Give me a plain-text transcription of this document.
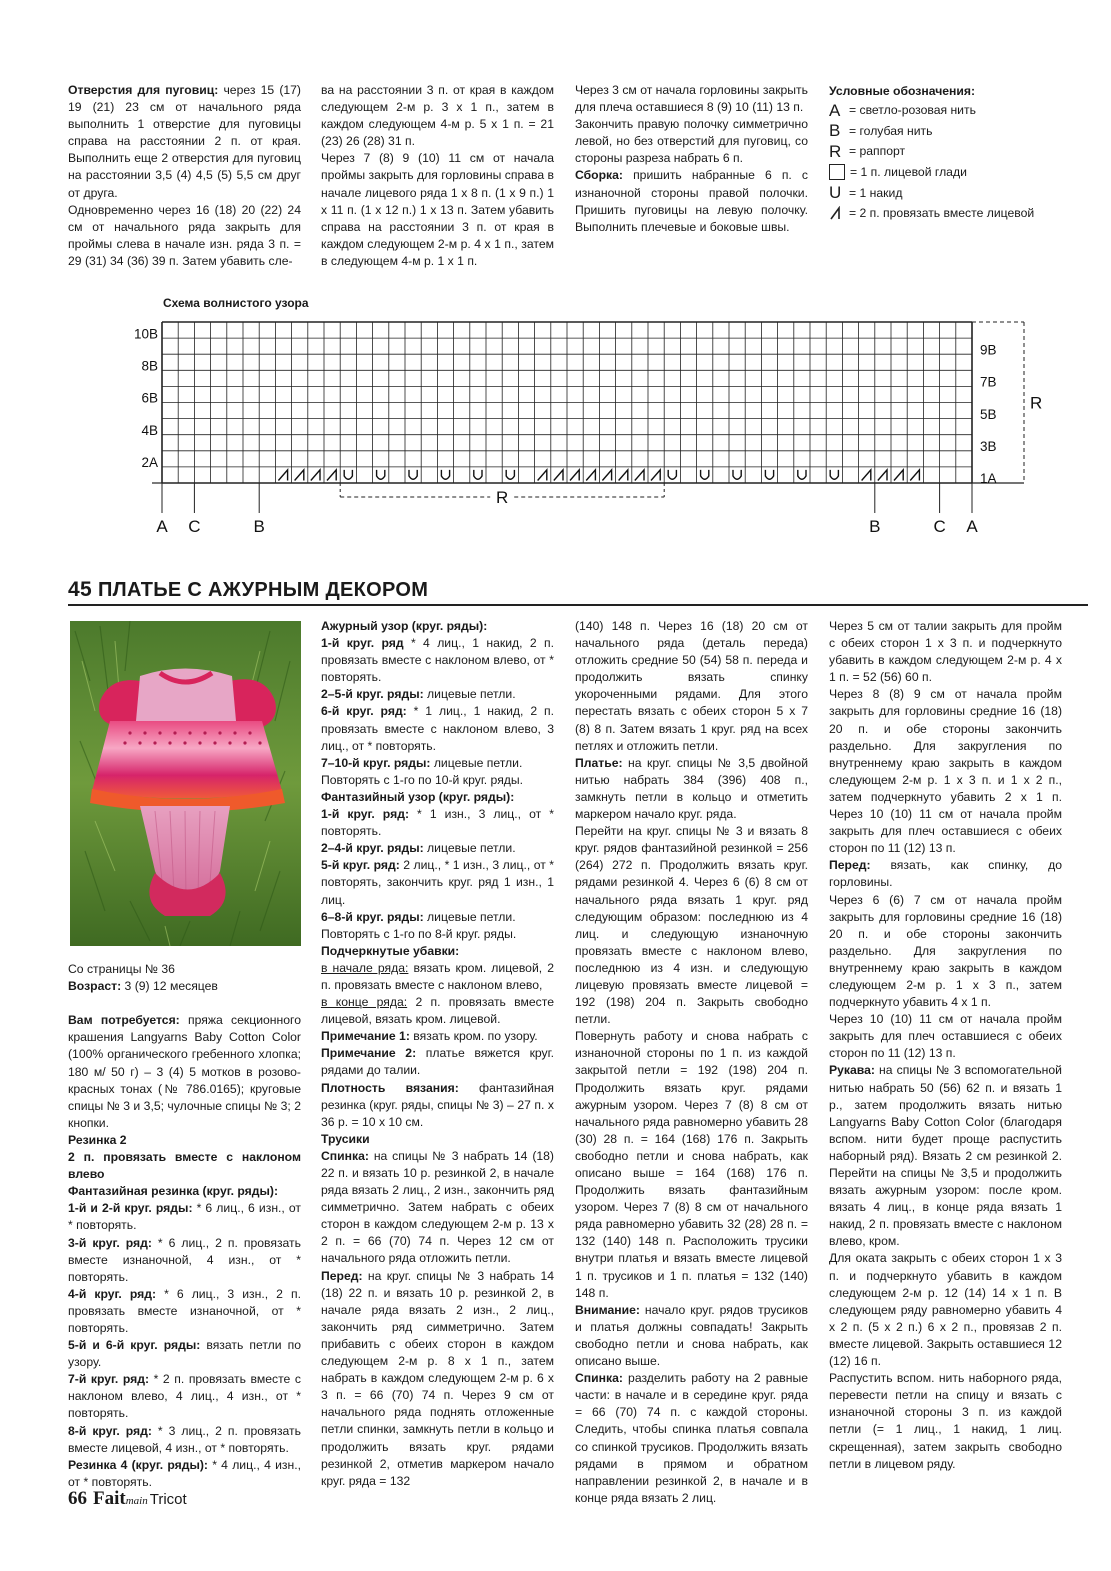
Отверстия для пуговиц: через 15 (17) 19 (21) 23 см от начального ряда выполнить 1 отверстие для пуговицы справа на расстоянии 2 п. от края. Выполнить еще 2 отверстия для пуговиц на расстоянии 3,5 (4) 4,5 (5) 5,5 см друг от друга.

Одновременно через 16 (18) 20 (22) 24 см от начального ряда закрыть для проймы слева в начале изн. ряда 3 п. = 29 (31) 34 (36) 39 п. Затем убавить сле-

ва на расстоянии 3 п. от края в каждом следующем 2-м р. 3 х 1 п., затем в каждом следующем 4-м р. 5 х 1 п. = 21 (23) 26 (28) 31 п.

Через 7 (8) 9 (10) 11 см от начала проймы закрыть для горловины справа в начале лицевого ряда 1 х 8 п. (1 х 9 п.) 1 х 11 п. (1 х 12 п.) 1 х 13 п. Затем убавить справа на расстоянии 3 п. от края в каждом следующем 2-м р. 4 х 1 п., затем в следующем 4-м р. 1 х 1 п.

Через 3 см от начала горловины закрыть для плеча оставшиеся 8 (9) 10 (11) 13 п.

Закончить правую полочку симметрично левой, но без отверстий для пуговиц, со стороны разреза набрать 6 п.

Сборка: пришить набранные 6 п. с изнаночной стороны правой полочки. Пришить пуговицы на левую полочку. Выполнить плечевые и боковые швы.

Условные обозначения:
A = светло-розовая нить
B = голубая нить
R = раппорт
= 1 п. лицевой глади
U = 1 накид
= 2 п. провязать вместе лицевой
Схема волнистого узора
10B
8B
6B
4B
2A
9B
7B
5B
3B
1A
R
A C	B	B	C A
R
45 ПЛАТЬЕ С АЖУРНЫМ ДЕКОРОМ

Со страницы № 36

Возраст: 3 (9) 12 месяцев

Вам потребуется: пряжа секционного крашения Langyarns Baby Cotton Color (100% органического гребенного хлопка; 180 м/ 50 г) – 3 (4) 5 мотков в розово-красных тонах (№ 786.0165); круговые спицы № 3 и 3,5; чулочные спицы № 3; 2 кнопки.

Резинка 2

2 п. провязать вместе с наклоном влево

Фантазийная резинка (круг. ряды):

1-й и 2-й круг. ряды: * 6 лиц., 6 изн., от * повторять.

3-й круг. ряд: * 6 лиц., 2 п. провязать вместе изнаночной, 4 изн., от * повторять.

4-й круг. ряд: * 6 лиц., 3 изн., 2 п. провязать вместе изнаночной, от * повторять.

5-й и 6-й круг. ряды: вязать петли по узору.

7-й круг. ряд: * 2 п. провязать вместе с наклоном влево, 4 лиц., 4 изн., от * повторять.

8-й круг. ряд: * 3 лиц., 2 п. провязать вместе лицевой, 4 изн., от * повторять.

Резинка 4 (круг. ряды): * 4 лиц., 4 изн., от * повторять.

Ажурный узор (круг. ряды):

1-й круг. ряд * 4 лиц., 1 накид, 2 п. провязать вместе с наклоном влево, от * повторять.

2–5-й круг. ряды: лицевые петли.

6-й круг. ряд: * 1 лиц., 1 накид, 2 п. провязать вместе с наклоном влево, 3 лиц., от * повторять.

7–10-й круг. ряды: лицевые петли.

Повторять с 1-го по 10-й круг. ряды.

Фантазийный узор (круг. ряды):

1-й круг. ряд: * 1 изн., 3 лиц., от * повторять.

2–4-й круг. ряды: лицевые петли.

5-й круг. ряд: 2 лиц., * 1 изн., 3 лиц., от * повторять, закончить круг. ряд 1 изн., 1 лиц.

6–8-й круг. ряды: лицевые петли.

Повторять с 1-го по 8-й круг. ряды.

Подчеркнутые убавки:

в начале ряда: вязать кром. лицевой, 2 п. провязать вместе с наклоном влево,

в конце ряда: 2 п. провязать вместе лицевой, вязать кром. лицевой.

Примечание 1: вязать кром. по узору.

Примечание 2: платье вяжется круг. рядами до талии.

Плотность вязания: фантазийная резинка (круг. ряды, спицы № 3) – 27 п. х 36 р. = 10 х 10 см.

Трусики

Спинка: на спицы № 3 набрать 14 (18) 22 п. и вязать 10 р. резинкой 2, в начале ряда вязать 2 лиц., 2 изн., закончить ряд симметрично. Затем набрать с обеих сторон в каждом следующем 2-м р. 13 х 2 п. = 66 (70) 74 п. Через 12 см от начального ряда отложить петли.

Перед: на круг. спицы № 3 набрать 14 (18) 22 п. и вязать 10 р. резинкой 2, в начале ряда вязать 2 изн., 2 лиц., закончить ряд симметрично. Затем прибавить с обеих сторон в каждом следующем 2-м р. 8 х 1 п., затем набрать в каждом следующем 2-м р. 6 х 3 п. = 66 (70) 74 п. Через 9 см от начального ряда поднять отложенные петли спинки, замкнуть петли в кольцо и продолжить вязать круг. рядами резинкой 2, отметив маркером начало круг. ряда = 132

(140) 148 п. Через 16 (18) 20 см от начального ряда (деталь переда) отложить средние 50 (54) 58 п. переда и продолжить вязать спинку укороченными рядами. Для этого перестать вязать с обеих сторон 5 х 7 (8) 8 п. Затем вязать 1 круг. ряд на всех петлях и отложить петли.

Платье: на круг. спицы № 3,5 двойной нитью набрать 384 (396) 408 п., замкнуть петли в кольцо и отметить маркером начало круг. ряда.

Перейти на круг. спицы № 3 и вязать 8 круг. рядов фантазийной резинкой = 256 (264) 272 п. Продолжить вязать круг. рядами резинкой 4. Через 6 (6) 8 см от начального ряда вязать 1 круг. ряд следующим образом: последнюю из 4 лиц. и следующую изнаночную провязать вместе с наклоном влево, последнюю из 4 изн. и следующую лицевую провязать вместе лицевой = 192 (198) 204 п. Закрыть свободно петли.

Повернуть работу и снова набрать с изнаночной стороны по 1 п. из каждой закрытой петли = 192 (198) 204 п. Продолжить вязать круг. рядами ажурным узором. Через 7 (8) 8 см от начального ряда равномерно убавить 28 (30) 28 п. = 164 (168) 176 п. Закрыть свободно петли и снова набрать, как описано выше = 164 (168) 176 п. Продолжить вязать фантазийным узором. Через 7 (8) 8 см от начального ряда равномерно убавить 32 (28) 28 п. = 132 (140) 148 п. Расположить трусики внутри платья и вязать вместе лицевой 1 п. трусиков и 1 п. платья = 132 (140) 148 п.

Внимание: начало круг. рядов трусиков и платья должны совпадать! Закрыть свободно петли и снова набрать, как описано выше.

Спинка: разделить работу на 2 равные части: в начале и в середине круг. ряда = 66 (70) 74 п. с каждой стороны. Следить, чтобы спинка платья совпала со спинкой трусиков. Продолжить вязать рядами в прямом и обратном направлении резинкой 2, в начале и в конце ряда вязать 2 лиц.

Через 5 см от талии закрыть для пройм с обеих сторон 1 х 3 п. и подчеркнуто убавить в каждом следующем 2-м р. 4 х 1 п. = 52 (56) 60 п.

Через 8 (8) 9 см от начала пройм закрыть для горловины средние 16 (18) 20 п. и обе стороны закончить раздельно. Для закругления по внутреннему краю закрыть в каждом следующем 2-м р. 1 х 3 п. и 1 х 2 п., затем подчеркнуто убавить 2 х 1 п. Через 10 (10) 11 см от начала пройм закрыть для плеч оставшиеся с обеих сторон по 11 (12) 13 п.

Перед: вязать, как спинку, до горловины.

Через 6 (6) 7 см от начала пройм закрыть для горловины средние 16 (18) 20 п. и обе стороны закончить раздельно. Для закругления по внутреннему краю закрыть в каждом следующем 2-м р. 1 х 3 п., затем подчеркнуто убавить 4 х 1 п.

Через 10 (10) 11 см от начала пройм закрыть для плеч оставшиеся с обеих сторон по 11 (12) 13 п.

Рукава: на спицы № 3 вспомогательной нитью набрать 50 (56) 62 п. и вязать 1 р., затем продолжить вязать нитью Langyarns Baby Cotton Color (благодаря вспом. нити будет проще распустить наборный ряд). Вязать 2 см резинкой 2. Перейти на спицы № 3,5 и продолжить вязать ажурным узором: после кром. вязать 4 лиц., в конце ряда вязать 1 накид, 2 п. провязать вместе с наклоном влево, кром.

Для оката закрыть с обеих сторон 1 х 3 п. и подчеркнуто убавить в каждом следующем 2-м р. 12 (14) 14 х 1 п. В следующем ряду равномерно убавить 4 х 2 п. (5 х 2 п.) 6 х 2 п., провязав 2 п. вместе лицевой. Закрыть оставшиеся 12 (12) 16 п.

Распустить вспом. нить наборного ряда, перевести петли на спицу и вязать с изнаночной стороны 3 п. из каждой петли (= 1 лиц., 1 накид, 1 лиц. скрещенная), затем закрыть свободно петли в лицевом ряду.

66 Faitmain Tricot
